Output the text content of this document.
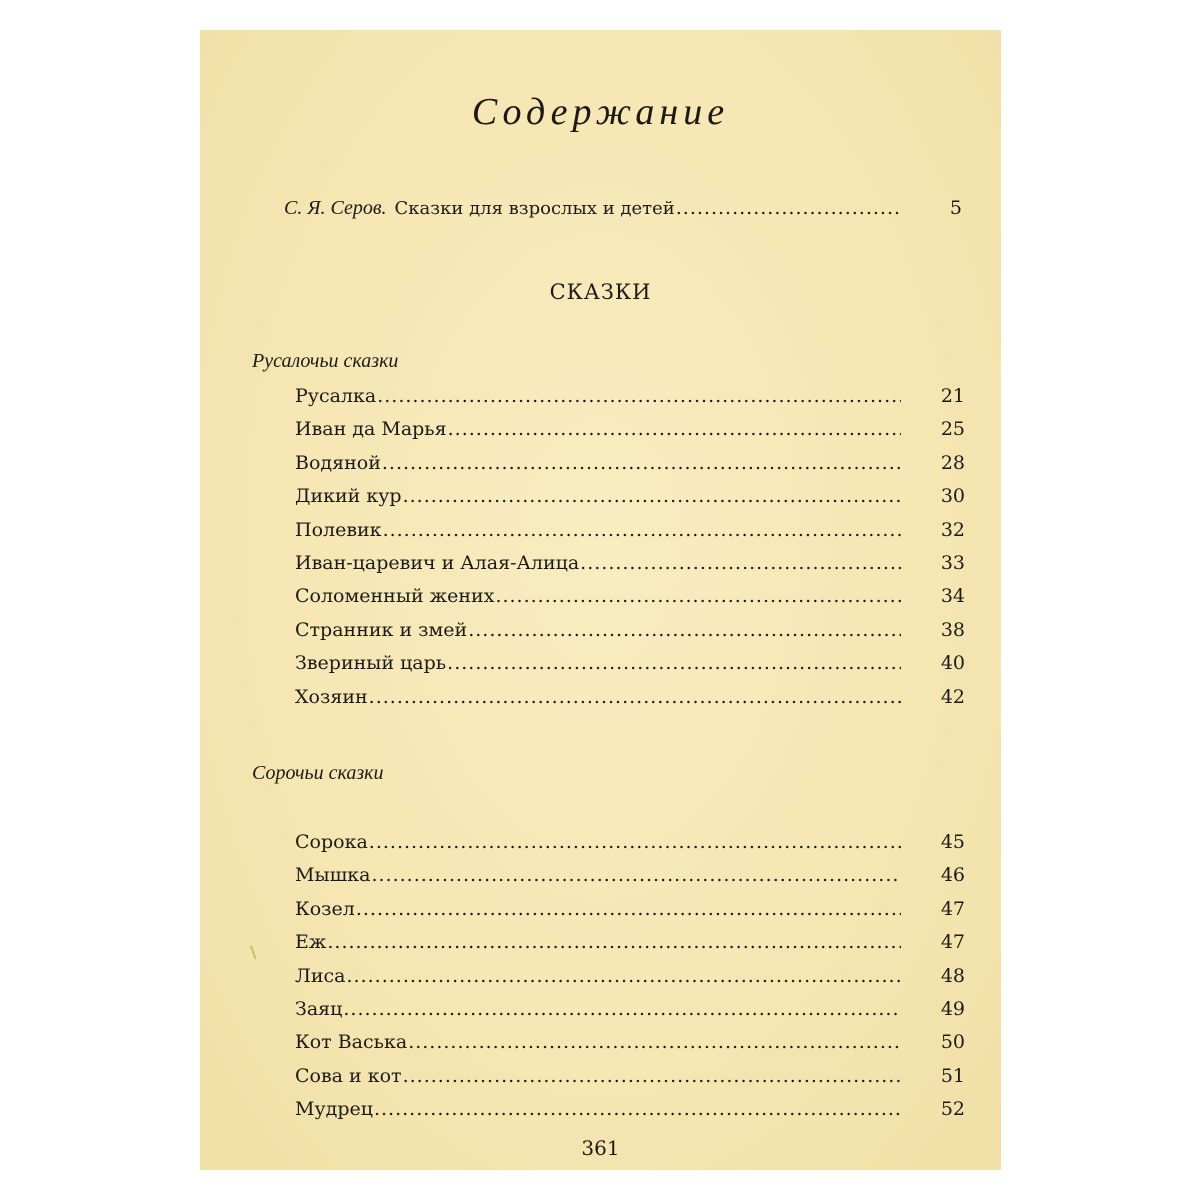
Содержание
С. Я. Серов. Сказки для взрослых и детей .....	5
СКАЗКИ
Русалочьи сказки
Сорочьи сказки
Русалка .....	21
Иван да Марья .....	25
Водяной .....	28
Дикий кур .....	30
Полевик .....	32
Иван-царевич и Алая-Алица .....	33
Соломенный жених .....	34
Странник и змей .....	38
Звериный царь .....	40
Хозяин .....	42
Сорока .....	45
Мышка .....	46
Козел .....	47
Еж .....	47
Лиса .....	48
Заяц .....	49
Кот Васька .....	50
Сова и кот .....	51
Мудрец .....	52
361
